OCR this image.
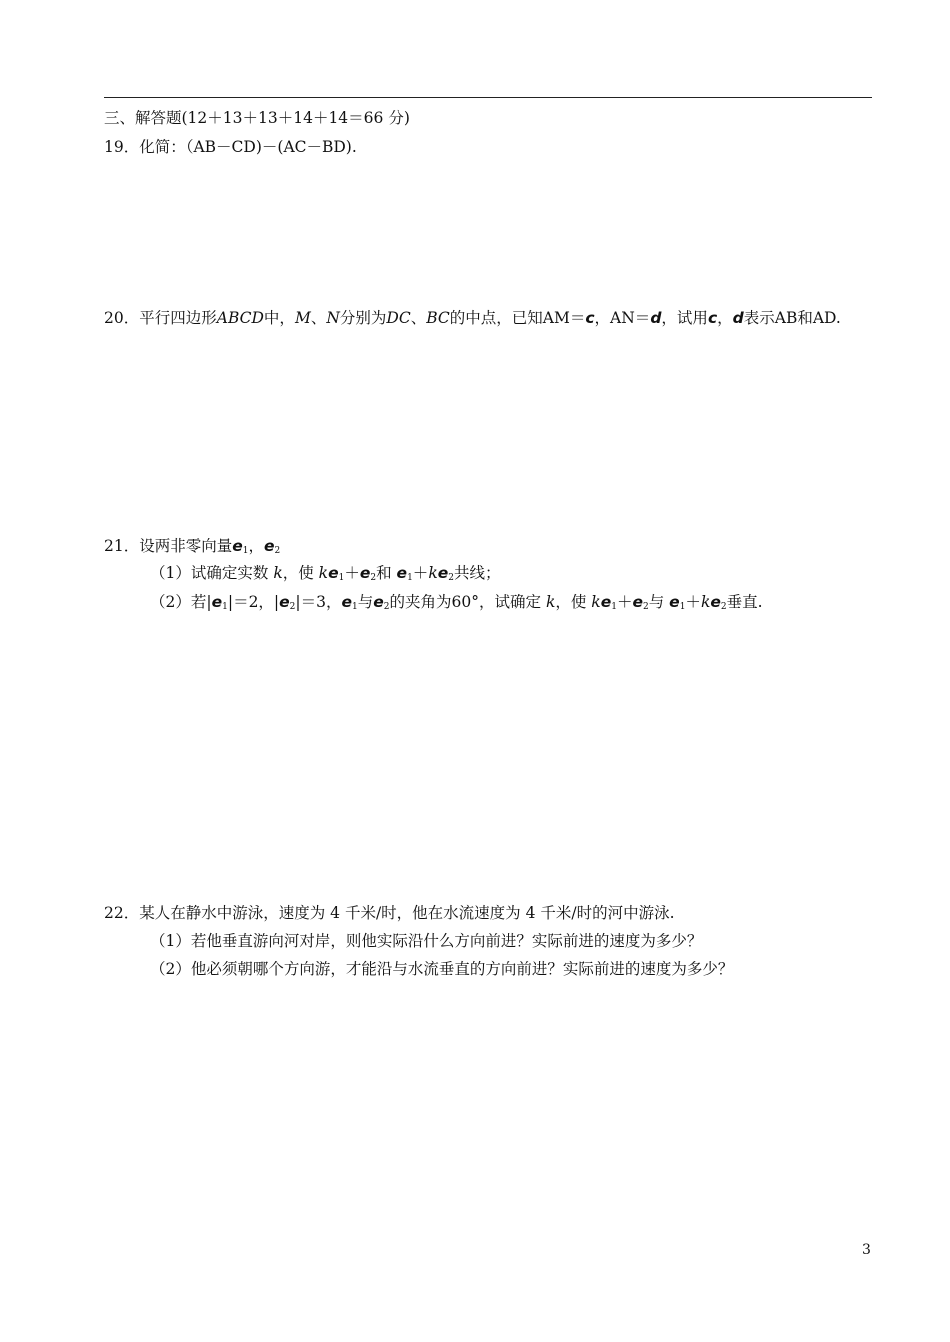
三、解答题(12＋13＋13＋14＋14＝66 分)
19．化简：（AB－CD)－(AC－BD).
20．平行四边形ABCD中，M、N分别为DC、BC的中点，已知AM＝c，AN＝d，试用c，d表示AB和AD.
21．设两非零向量$e_1$，$e_2$
（1）试确定实数 k，使 $ke_1+e_2$和 $e_1+ke_2$共线；
（2）若$|e_1|=2$，$|e_2|=3$，$e_1$与$e_2$的夹角为60°，试确定 k，使 $ke_1+e_2$与 $e_1+ke_2$垂直.
22．某人在静水中游泳，速度为 4 千米/时，他在水流速度为 4 千米/时的河中游泳.
（1）若他垂直游向河对岸，则他实际沿什么方向前进？实际前进的速度为多少？
（2）他必须朝哪个方向游，才能沿与水流垂直的方向前进？实际前进的速度为多少？
3
